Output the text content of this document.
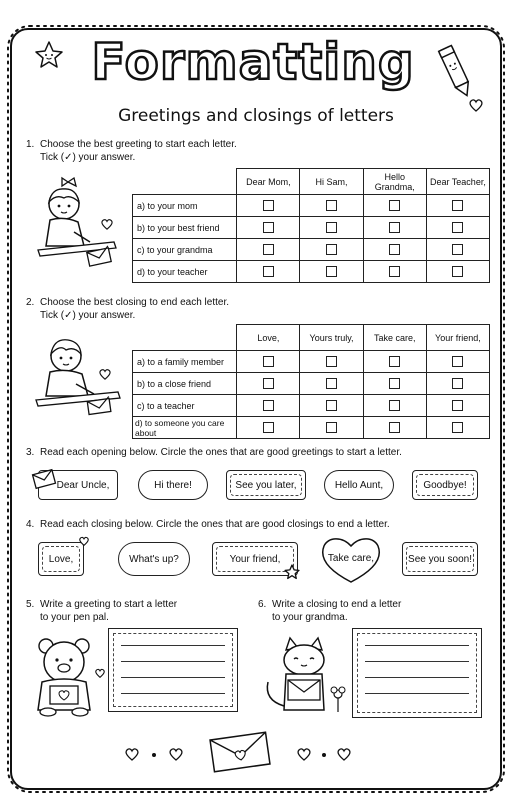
Formatting
Greetings and closings of letters
1. Choose the best greeting to start each letter.
Tick (✓) your answer.
	Dear Mom,	Hi Sam,	Hello Grandma,	Dear Teacher,
a) to your mom				
b) to your best friend				
c) to your grandma				
d) to your teacher				
2. Choose the best closing to end each letter.
Tick (✓) your answer.
	Love,	Yours truly,	Take care,	Your friend,
a) to a family member				
b) to a close friend				
c) to a teacher				
d) to someone you care about				
3. Read each opening below. Circle the ones that are good greetings to start a letter.
Dear Uncle,	Hi there!	See you later,	Hello Aunt,	Goodbye!
4. Read each closing below. Circle the ones that are good closings to end a letter.
Love,	What's up?	Your friend,	Take care,	See you soon!
5. Write a greeting to start a letter
to your pen pal.
6. Write a closing to end a letter
to your grandma.
